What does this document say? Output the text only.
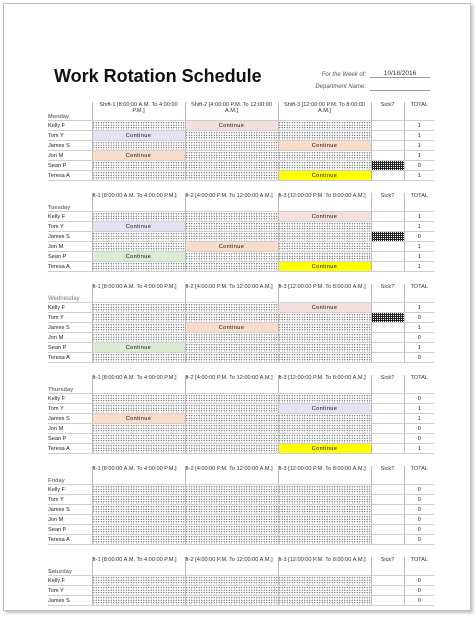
Work Rotation Schedule	For the Week of:	10/18/2016
Department Name:
Monday	Shift-1 [8:00:00 A.M. To 4:00:00 P.M.]	Shift-2 [4:00:00 P.M. To 12:00:00 A.M.]	Shift-3 [12:00:00 P.M. To 8:00:00 A.M.]	Sick?	TOTAL
Kelly F		Continue			1
Tom Y	Continue				1
James S			Continue		1
Jon M	Continue				1
Sean P					0
Teresa A			Continue		1
Tuesday	ft-1 [8:00:00 A.M. To 4:00:00 P.M.]	ft-2 [4:00:00 P.M. To 12:00:00 A.M.]	ft-3 [12:00:00 P.M. To 8:00:00 A.M.]	Sick?	TOTAL
Kelly F			Continue		1
Tom Y	Continue				1
James S					0
Jon M		Continue			1
Sean P	Continue				1
Teresa A			Continue		1
Wednesday	ft-1 [8:00:00 A.M. To 4:00:00 P.M.]	ft-2 [4:00:00 P.M. To 12:00:00 A.M.]	ft-3 [12:00:00 P.M. To 8:00:00 A.M.]	Sick?	TOTAL
Kelly F			Continue		1
Tom Y					0
James S		Continue			1
Jon M					0
Sean P	Continue				1
Teresa A					0
Thursday	ft-1 [8:00:00 A.M. To 4:00:00 P.M.]	ft-2 [4:00:00 P.M. To 12:00:00 A.M.]	ft-3 [12:00:00 P.M. To 8:00:00 A.M.]	Sick?	TOTAL
Kelly F					0
Tom Y			Continue		1
James S	Continue				1
Jon M					0
Sean P					0
Teresa A			Continue		1
Friday	ft-1 [8:00:00 A.M. To 4:00:00 P.M.]	ft-2 [4:00:00 P.M. To 12:00:00 A.M.]	ft-3 [12:00:00 P.M. To 8:00:00 A.M.]	Sick?	TOTAL
Kelly F					0
Tom Y					0
James S					0
Jon M					0
Sean P					0
Teresa A					0
Saturday	ft-1 [8:00:00 A.M. To 4:00:00 P.M.]	ft-2 [4:00:00 P.M. To 12:00:00 A.M.]	ft-3 [12:00:00 P.M. To 8:00:00 A.M.]	Sick?	TOTAL
Kelly F					0
Tom Y					0
James S					0
